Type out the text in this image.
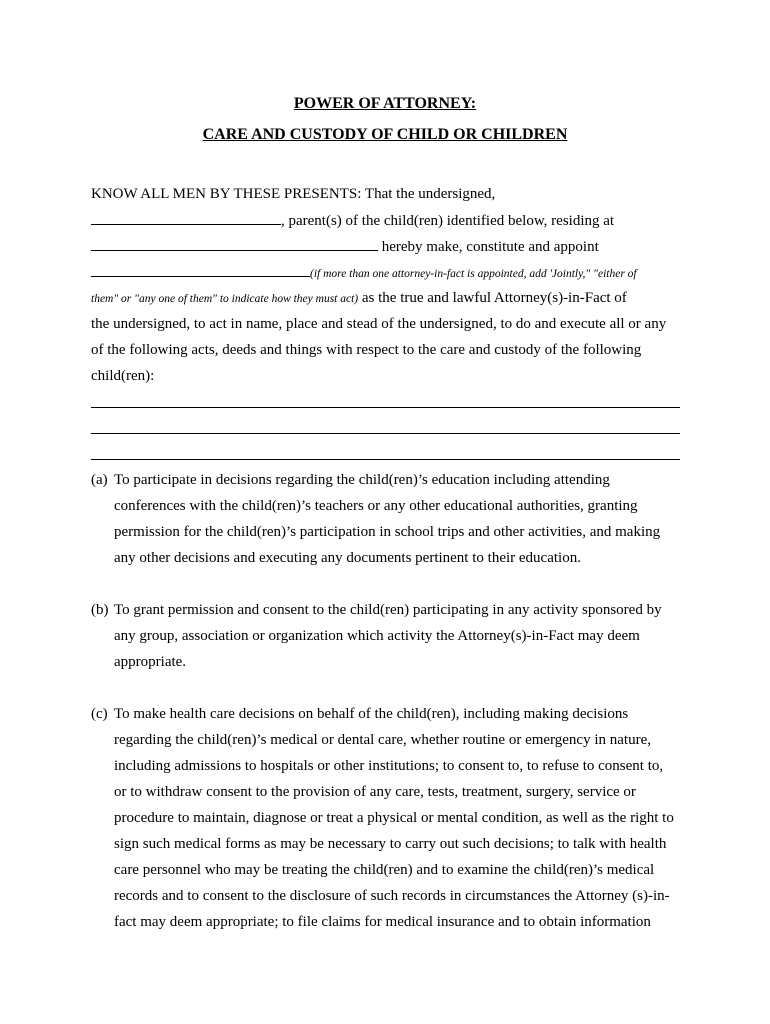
POWER OF ATTORNEY:
CARE AND CUSTODY OF CHILD OR CHILDREN
KNOW ALL MEN BY THESE PRESENTS: That the undersigned,
, parent(s) of the child(ren) identified below, residing at
hereby make, constitute and appoint
(if more than one attorney-in-fact is appointed, add 'Jointly," "either of
them" or "any one of them" to indicate how they must act) as the true and lawful Attorney(s)-in-Fact of
the undersigned, to act in name, place and stead of the undersigned, to do and execute all or any
of the following acts, deeds and things with respect to the care and custody of the following
child(ren):
(a) To participate in decisions regarding the child(ren)’s education including attending
conferences with the child(ren)’s teachers or any other educational authorities, granting
permission for the child(ren)’s participation in school trips and other activities, and making
any other decisions and executing any documents pertinent to their education.
(b) To grant permission and consent to the child(ren) participating in any activity sponsored by
any group, association or organization which activity the Attorney(s)-in-Fact may deem
appropriate.
(c) To make health care decisions on behalf of the child(ren), including making decisions
regarding the child(ren)’s medical or dental care, whether routine or emergency in nature,
including admissions to hospitals or other institutions; to consent to, to refuse to consent to,
or to withdraw consent to the provision of any care, tests, treatment, surgery, service or
procedure to maintain, diagnose or treat a physical or mental condition, as well as the right to
sign such medical forms as may be necessary to carry out such decisions; to talk with health
care personnel who may be treating the child(ren) and to examine the child(ren)’s medical
records and to consent to the disclosure of such records in circumstances the Attorney (s)-in-
fact may deem appropriate; to file claims for medical insurance and to obtain information
